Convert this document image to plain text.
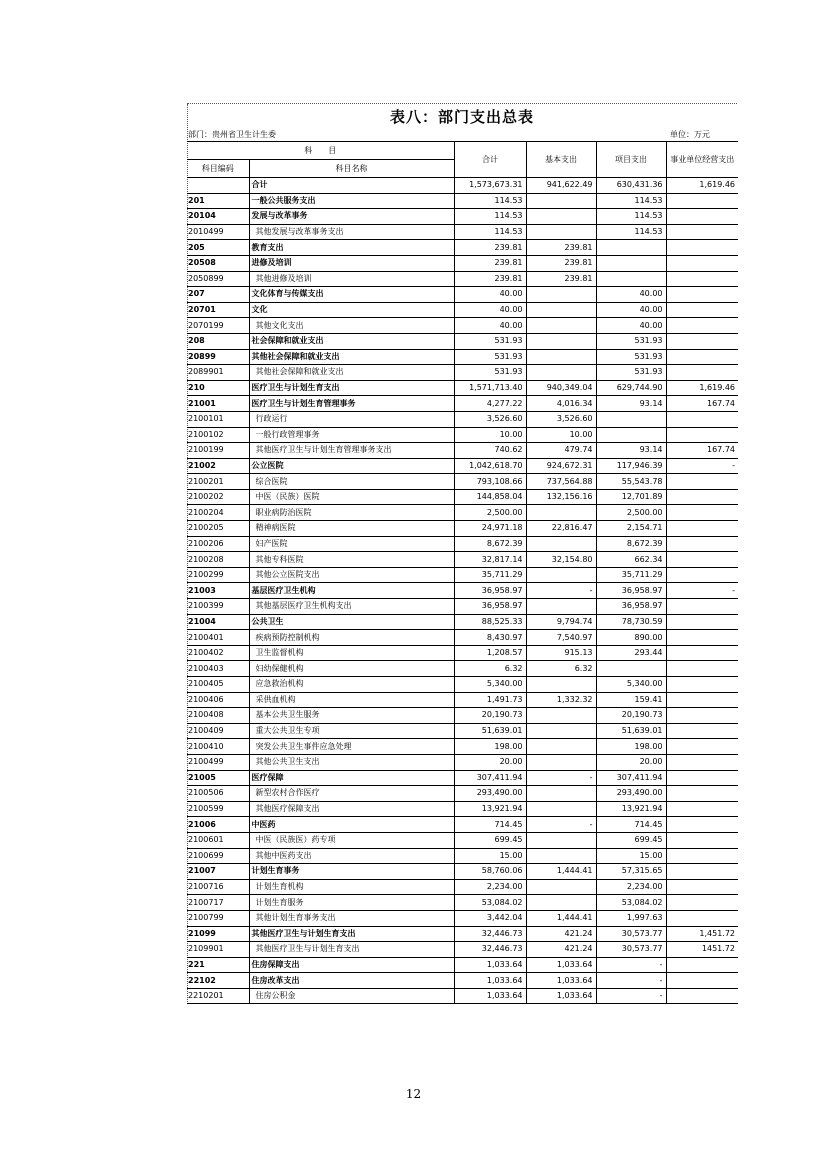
表八：部门支出总表
部门：贵州省卫生计生委	单位：万元
科　　目		合计	基本支出	项目支出	事业单位经营支出
科目编码	科目名称				
	合计	1,573,673.31	941,622.49	630,431.36	1,619.46
201	一般公共服务支出	114.53		114.53	
20104	发展与改革事务	114.53		114.53	
2010499	其他发展与改革事务支出	114.53		114.53	
205	教育支出	239.81	239.81		
20508	进修及培训	239.81	239.81		
2050899	其他进修及培训	239.81	239.81		
207	文化体育与传媒支出	40.00		40.00	
20701	文化	40.00		40.00	
2070199	其他文化支出	40.00		40.00	
208	社会保障和就业支出	531.93		531.93	
20899	其他社会保障和就业支出	531.93		531.93	
2089901	其他社会保障和就业支出	531.93		531.93	
210	医疗卫生与计划生育支出	1,571,713.40	940,349.04	629,744.90	1,619.46
21001	医疗卫生与计划生育管理事务	4,277.22	4,016.34	93.14	167.74
2100101	行政运行	3,526.60	3,526.60		
2100102	一般行政管理事务	10.00	10.00		
2100199	其他医疗卫生与计划生育管理事务支出	740.62	479.74	93.14	167.74
21002	公立医院	1,042,618.70	924,672.31	117,946.39	-
2100201	综合医院	793,108.66	737,564.88	55,543.78	
2100202	中医（民族）医院	144,858.04	132,156.16	12,701.89	
2100204	职业病防治医院	2,500.00		2,500.00	
2100205	精神病医院	24,971.18	22,816.47	2,154.71	
2100206	妇产医院	8,672.39		8,672.39	
2100208	其他专科医院	32,817.14	32,154.80	662.34	
2100299	其他公立医院支出	35,711.29		35,711.29	
21003	基层医疗卫生机构	36,958.97	-	36,958.97	-
2100399	其他基层医疗卫生机构支出	36,958.97		36,958.97	
21004	公共卫生	88,525.33	9,794.74	78,730.59	
2100401	疾病预防控制机构	8,430.97	7,540.97	890.00	
2100402	卫生监督机构	1,208.57	915.13	293.44	
2100403	妇幼保健机构	6.32	6.32		
2100405	应急救治机构	5,340.00		5,340.00	
2100406	采供血机构	1,491.73	1,332.32	159.41	
2100408	基本公共卫生服务	20,190.73		20,190.73	
2100409	重大公共卫生专项	51,639.01		51,639.01	
2100410	突发公共卫生事件应急处理	198.00		198.00	
2100499	其他公共卫生支出	20.00		20.00	
21005	医疗保障	307,411.94	-	307,411.94	
2100506	新型农村合作医疗	293,490.00		293,490.00	
2100599	其他医疗保障支出	13,921.94		13,921.94	
21006	中医药	714.45	-	714.45	
2100601	中医（民族医）药专项	699.45		699.45	
2100699	其他中医药支出	15.00		15.00	
21007	计划生育事务	58,760.06	1,444.41	57,315.65	
2100716	计划生育机构	2,234.00		2,234.00	
2100717	计划生育服务	53,084.02		53,084.02	
2100799	其他计划生育事务支出	3,442.04	1,444.41	1,997.63	
21099	其他医疗卫生与计划生育支出	32,446.73	421.24	30,573.77	1,451.72
2109901	其他医疗卫生与计划生育支出	32,446.73	421.24	30,573.77	1451.72
221	住房保障支出	1,033.64	1,033.64	-	
22102	住房改革支出	1,033.64	1,033.64	-	
2210201	住房公积金	1,033.64	1,033.64	-	
12
